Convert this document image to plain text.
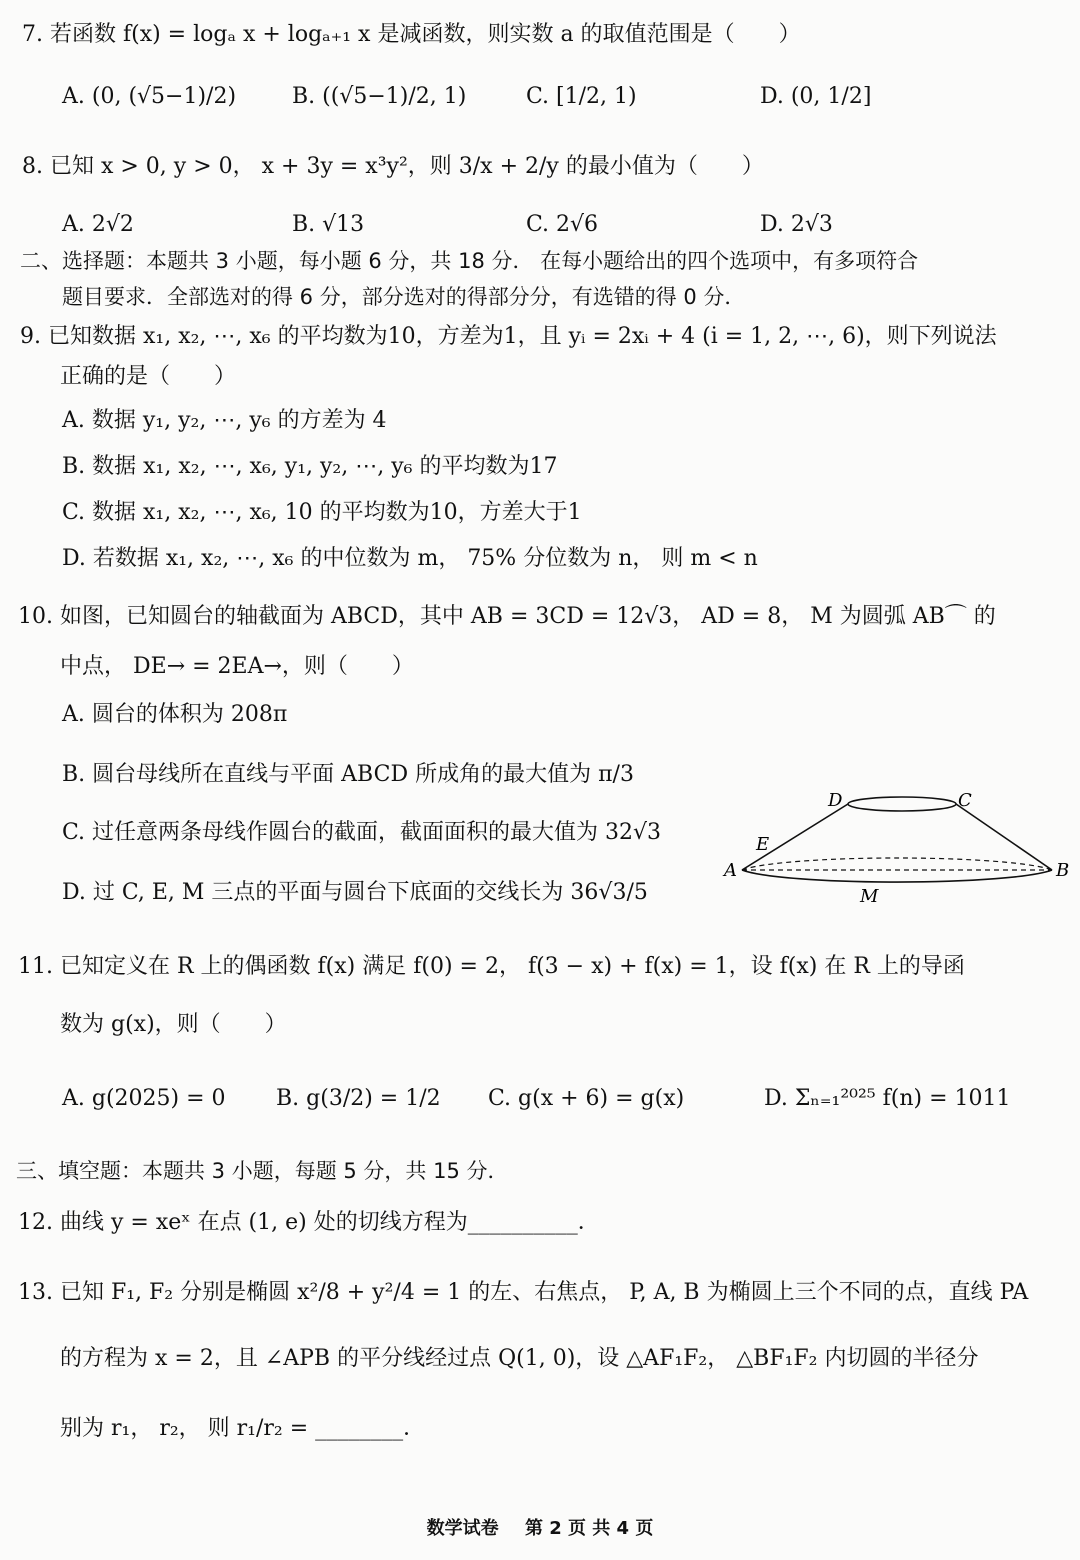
7. 若函数 f(x) = logₐ x + logₐ₊₁ x 是减函数，则实数 a 的取值范围是（　　）
A. (0, (√5−1)/2)	B. ((√5−1)/2, 1)	C. [1/2, 1)	D. (0, 1/2]
8. 已知 x > 0, y > 0， x + 3y = x³y²，则 3/x + 2/y 的最小值为（　　）
A. 2√2	B. √13	C. 2√6	D. 2√3
二、选择题：本题共 3 小题，每小题 6 分，共 18 分． 在每小题给出的四个选项中，有多项符合
题目要求．全部选对的得 6 分，部分选对的得部分分，有选错的得 0 分．
9. 已知数据 x₁, x₂, ⋯, x₆ 的平均数为10，方差为1，且 yᵢ = 2xᵢ + 4 (i = 1, 2, ⋯, 6)，则下列说法
正确的是（　　）
A. 数据 y₁, y₂, ⋯, y₆ 的方差为 4
B. 数据 x₁, x₂, ⋯, x₆, y₁, y₂, ⋯, y₆ 的平均数为17
C. 数据 x₁, x₂, ⋯, x₆, 10 的平均数为10，方差大于1
D. 若数据 x₁, x₂, ⋯, x₆ 的中位数为 m， 75% 分位数为 n， 则 m < n
10. 如图，已知圆台的轴截面为 ABCD，其中 AB = 3CD = 12√3， AD = 8， M 为圆弧 AB⌒ 的
中点， DE→ = 2EA→，则（　　）
A. 圆台的体积为 208π
B. 圆台母线所在直线与平面 ABCD 所成角的最大值为 π/3
C. 过任意两条母线作圆台的截面，截面面积的最大值为 32√3
D. 过 C, E, M 三点的平面与圆台下底面的交线长为 36√3/5
D	C
E
A	B
M
11. 已知定义在 R 上的偶函数 f(x) 满足 f(0) = 2， f(3 − x) + f(x) = 1，设 f(x) 在 R 上的导函
数为 g(x)，则（　　）
A. g(2025) = 0 B. g(3/2) = 1/2 C. g(x + 6) = g(x)	D. Σₙ₌₁²⁰²⁵ f(n) = 1011
三、填空题：本题共 3 小题，每题 5 分，共 15 分．
12. 曲线 y = xeˣ 在点 (1, e) 处的切线方程为__________．
13. 已知 F₁, F₂ 分别是椭圆 x²/8 + y²/4 = 1 的左、右焦点， P, A, B 为椭圆上三个不同的点，直线 PA
的方程为 x = 2，且 ∠APB 的平分线经过点 Q(1, 0)，设 △AF₁F₂， △BF₁F₂ 内切圆的半径分
别为 r₁， r₂， 则 r₁/r₂ = ________．
数学试卷 第 2 页 共 4 页
